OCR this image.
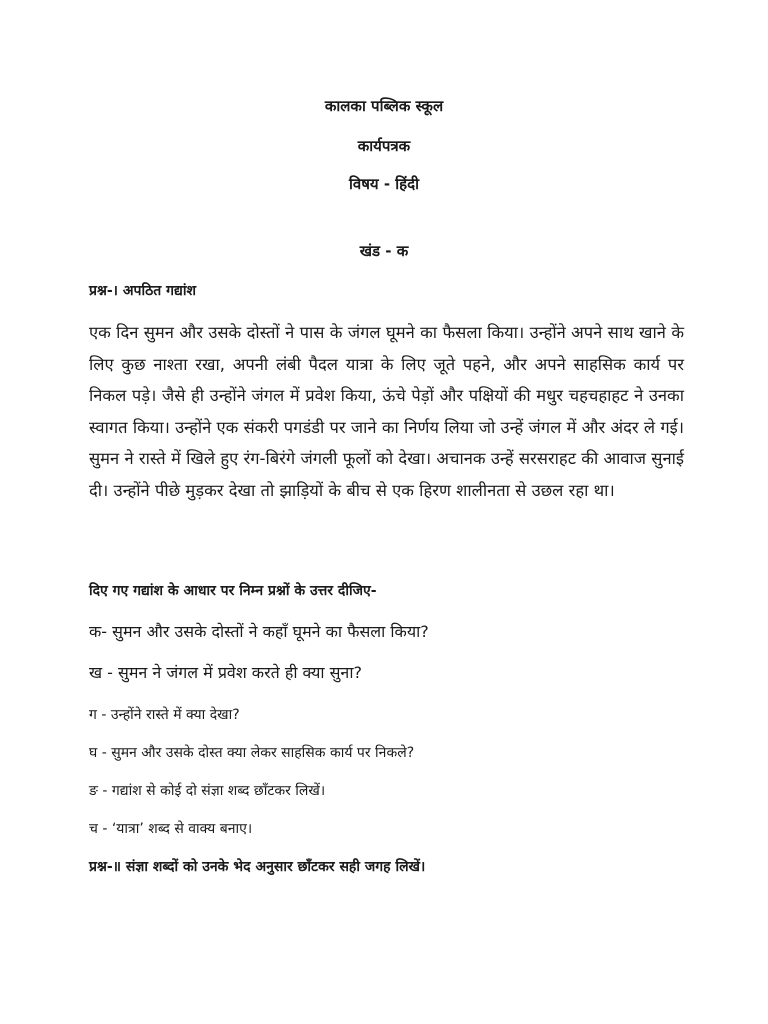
कालका पब्लिक स्कूल
कार्यपत्रक
विषय - हिंदी
खंड - क
प्रश्न-। अपठित गद्यांश

एक दिन सुमन और उसके दोस्तों ने पास के जंगल घूमने का फैसला किया। उन्होंने अपने साथ खाने के लिए कुछ नाश्ता रखा, अपनी लंबी पैदल यात्रा के लिए जूते पहने, और अपने साहसिक कार्य पर निकल पड़े। जैसे ही उन्होंने जंगल में प्रवेश किया, ऊंचे पेड़ों और पक्षियों की मधुर चहचहाहट ने उनका स्वागत किया। उन्होंने एक संकरी पगडंडी पर जाने का निर्णय लिया जो उन्हें जंगल में और अंदर ले गई। सुमन ने रास्ते में खिले हुए रंग-बिरंगे जंगली फूलों को देखा। अचानक उन्हें सरसराहट की आवाज सुनाई दी। उन्होंने पीछे मुड़कर देखा तो झाड़ियों के बीच से एक हिरण शालीनता से उछल रहा था।

दिए गए गद्यांश के आधार पर निम्न प्रश्नों के उत्तर दीजिए-
क- सुमन और उसके दोस्तों ने कहाँ घूमने का फैसला किया?
ख - सुमन ने जंगल में प्रवेश करते ही क्या सुना?
ग - उन्होंने रास्ते में क्या देखा?
घ - सुमन और उसके दोस्त क्या लेकर साहसिक कार्य पर निकले?
ङ - गद्यांश से कोई दो संज्ञा शब्द छाँटकर लिखें।
च - ‘यात्रा’ शब्द से वाक्य बनाए।
प्रश्न-॥ संज्ञा शब्दों को उनके भेद अनुसार छाँटकर सही जगह लिखें।
